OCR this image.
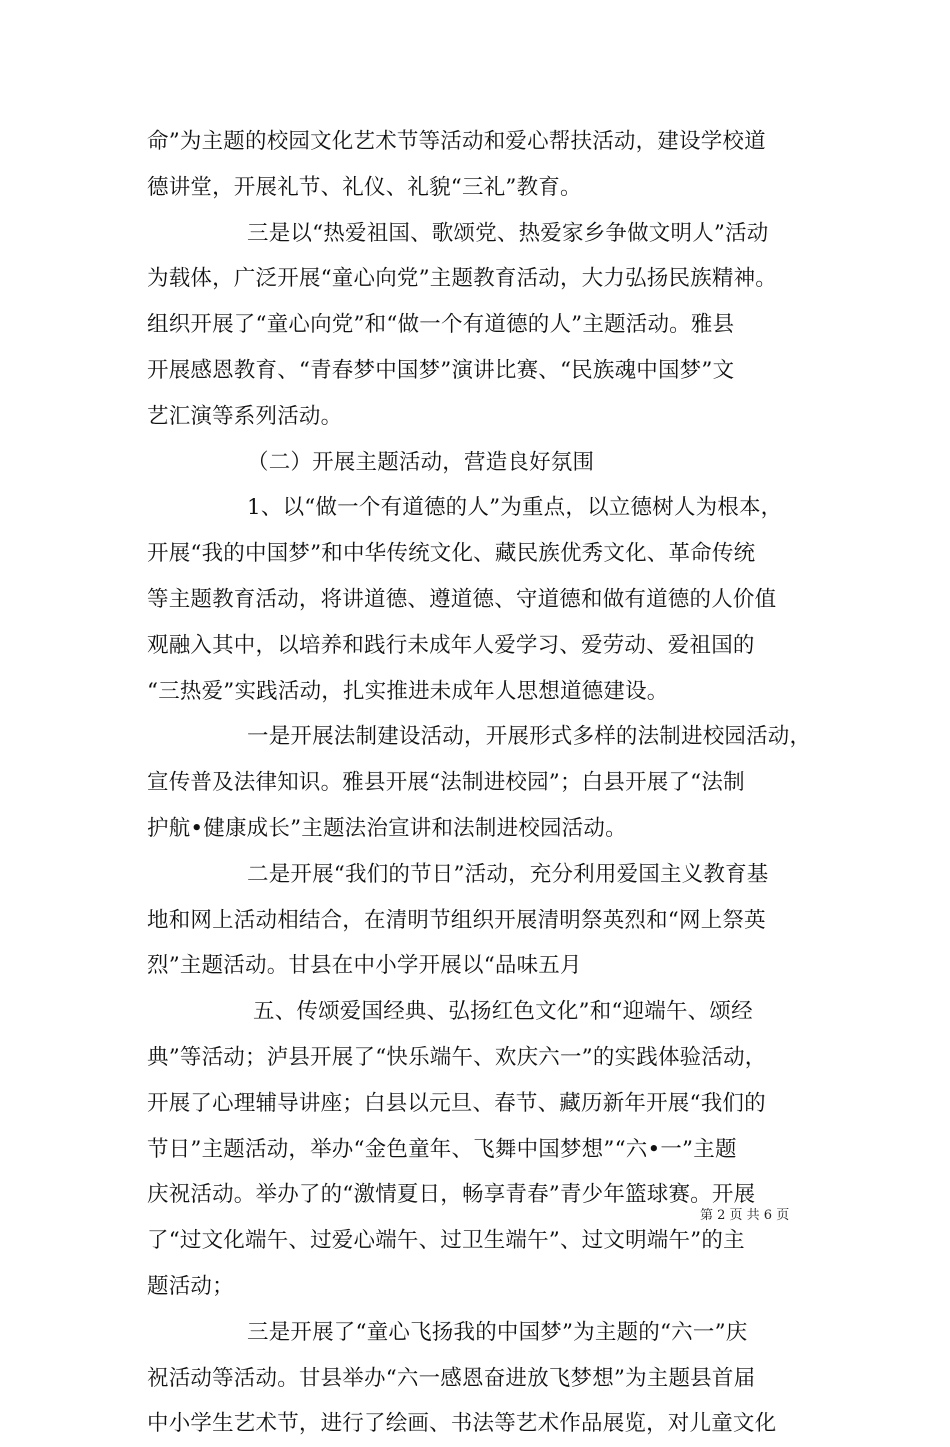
命”为主题的校园文化艺术节等活动和爱心帮扶活动，建设学校道
德讲堂，开展礼节、礼仪、礼貌“三礼”教育。
三是以“热爱祖国、歌颂党、热爱家乡争做文明人”活动
为载体，广泛开展“童心向党”主题教育活动，大力弘扬民族精神。
组织开展了“童心向党”和“做一个有道德的人”主题活动。雅县
开展感恩教育、“青春梦中国梦”演讲比赛、“民族魂中国梦”文
艺汇演等系列活动。
（二）开展主题活动，营造良好氛围
1、以“做一个有道德的人”为重点，以立德树人为根本，
开展“我的中国梦”和中华传统文化、藏民族优秀文化、革命传统
等主题教育活动，将讲道德、遵道德、守道德和做有道德的人价值
观融入其中，以培养和践行未成年人爱学习、爱劳动、爱祖国的
“三热爱”实践活动，扎实推进未成年人思想道德建设。
一是开展法制建设活动，开展形式多样的法制进校园活动，
宣传普及法律知识。雅县开展“法制进校园”；白县开展了“法制
护航•健康成长”主题法治宣讲和法制进校园活动。
二是开展“我们的节日”活动，充分利用爱国主义教育基
地和网上活动相结合，在清明节组织开展清明祭英烈和“网上祭英
烈”主题活动。甘县在中小学开展以“品味五月
五、传颂爱国经典、弘扬红色文化”和“迎端午、颂经
典”等活动；泸县开展了“快乐端午、欢庆六一”的实践体验活动，
开展了心理辅导讲座；白县以元旦、春节、藏历新年开展“我们的
节日”主题活动，举办“金色童年、飞舞中国梦想”“六•一”主题
庆祝活动。举办了的“激情夏日，畅享青春”青少年篮球赛。开展
了“过文化端午、过爱心端午、过卫生端午”、过文明端午”的主
题活动；
三是开展了“童心飞扬我的中国梦”为主题的“六一”庆
祝活动等活动。甘县举办“六一感恩奋进放飞梦想”为主题县首届
中小学生艺术节，进行了绘画、书法等艺术作品展览，对儿童文化
第 2 页 共 6 页
